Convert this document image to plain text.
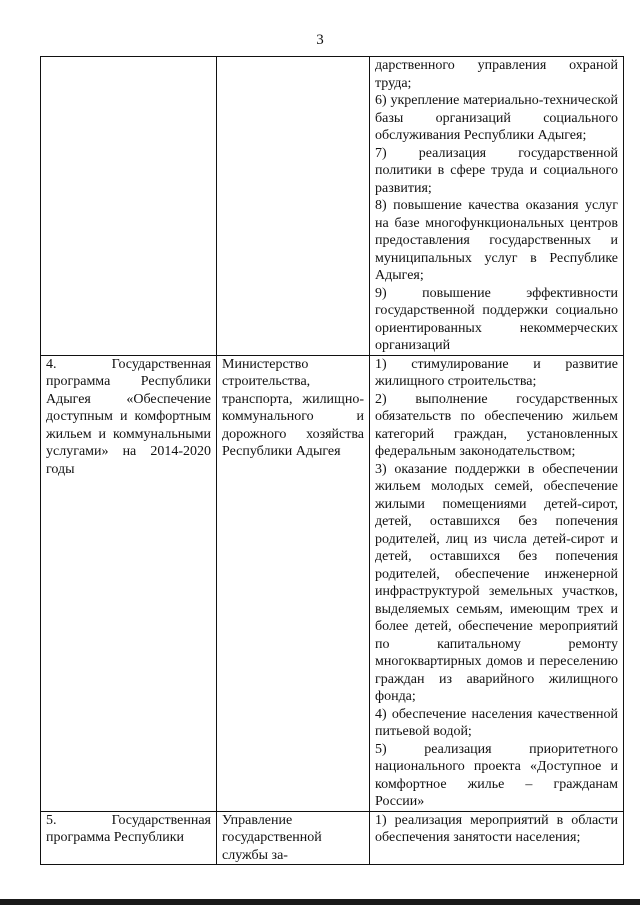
3

		дарственного управления охраной труда;
6) укрепление материально-технической базы организаций социального обслуживания Республики Адыгея;
7) реализация государственной политики в сфере труда и социального развития;
8) повышение качества оказания услуг на базе многофункциональных центров предоставления государственных и муниципальных услуг в Республике Адыгея;
9) повышение эффективности государственной поддержки социально ориентированных некоммерческих организаций

4. Государственная программа Республики Адыгея «Обеспечение доступным и комфортным жильем и коммунальными услугами» на 2014-2020 годы	Министерство строительства, транспорта, жилищно-коммунального и дорожного хозяйства Республики Адыгея	1) стимулирование и развитие жилищного строительства;
2) выполнение государственных обязательств по обеспечению жильем категорий граждан, установленных федеральным законодательством;
3) оказание поддержки в обеспечении жильем молодых семей, обеспечение жилыми помещениями детей-сирот, детей, оставшихся без попечения родителей, лиц из числа детей-сирот и детей, оставшихся без попечения родителей, обеспечение инженерной инфраструктурой земельных участков, выделяемых семьям, имеющим трех и более детей, обеспечение мероприятий по капитальному ремонту многоквартирных домов и переселению граждан из аварийного жилищного фонда;
4) обеспечение населения качественной питьевой водой;
5) реализация приоритетного национального проекта «Доступное и комфортное жилье – гражданам России»

5. Государственная программа Республики	Управление государственной службы за-	1) реализация мероприятий в области обеспечения занятости населения;
